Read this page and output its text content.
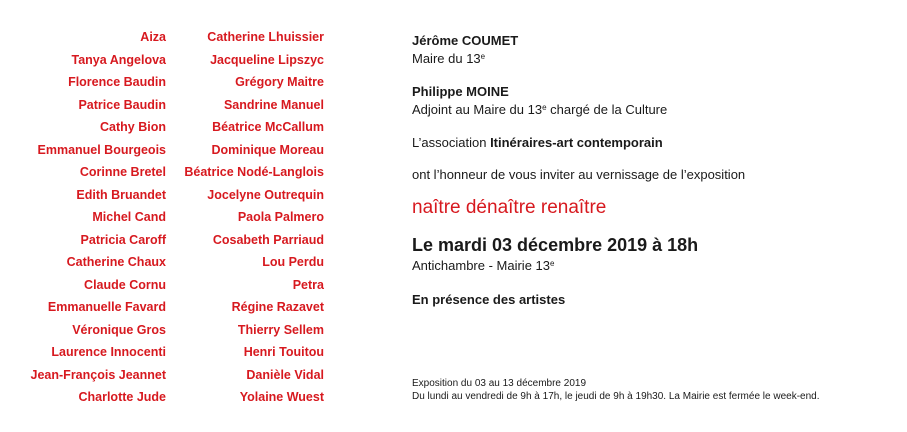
Aiza
Tanya Angelova
Florence Baudin
Patrice Baudin
Cathy Bion
Emmanuel Bourgeois
Corinne Bretel
Edith Bruandet
Michel Cand
Patricia Caroff
Catherine Chaux
Claude Cornu
Emmanuelle Favard
Véronique Gros
Laurence Innocenti
Jean-François Jeannet
Charlotte Jude
Catherine Lhuissier
Jacqueline Lipszyc
Grégory Maitre
Sandrine Manuel
Béatrice McCallum
Dominique Moreau
Béatrice Nodé-Langlois
Jocelyne Outrequin
Paola Palmero
Cosabeth Parriaud
Lou Perdu
Petra
Régine Razavet
Thierry Sellem
Henri Touitou
Danièle Vidal
Yolaine Wuest
Jérôme COUMET
Maire du 13e
Philippe MOINE
Adjoint au Maire du 13e chargé de la Culture
L’association Itinéraires-art contemporain
ont l’honneur de vous inviter au vernissage de l’exposition
naître dénaître renaître
Le mardi 03 décembre 2019 à 18h
Antichambre - Mairie 13e
En présence des artistes
Exposition du 03 au 13 décembre 2019
Du lundi au vendredi de 9h à 17h, le jeudi de 9h à 19h30. La Mairie est fermée le week-end.
